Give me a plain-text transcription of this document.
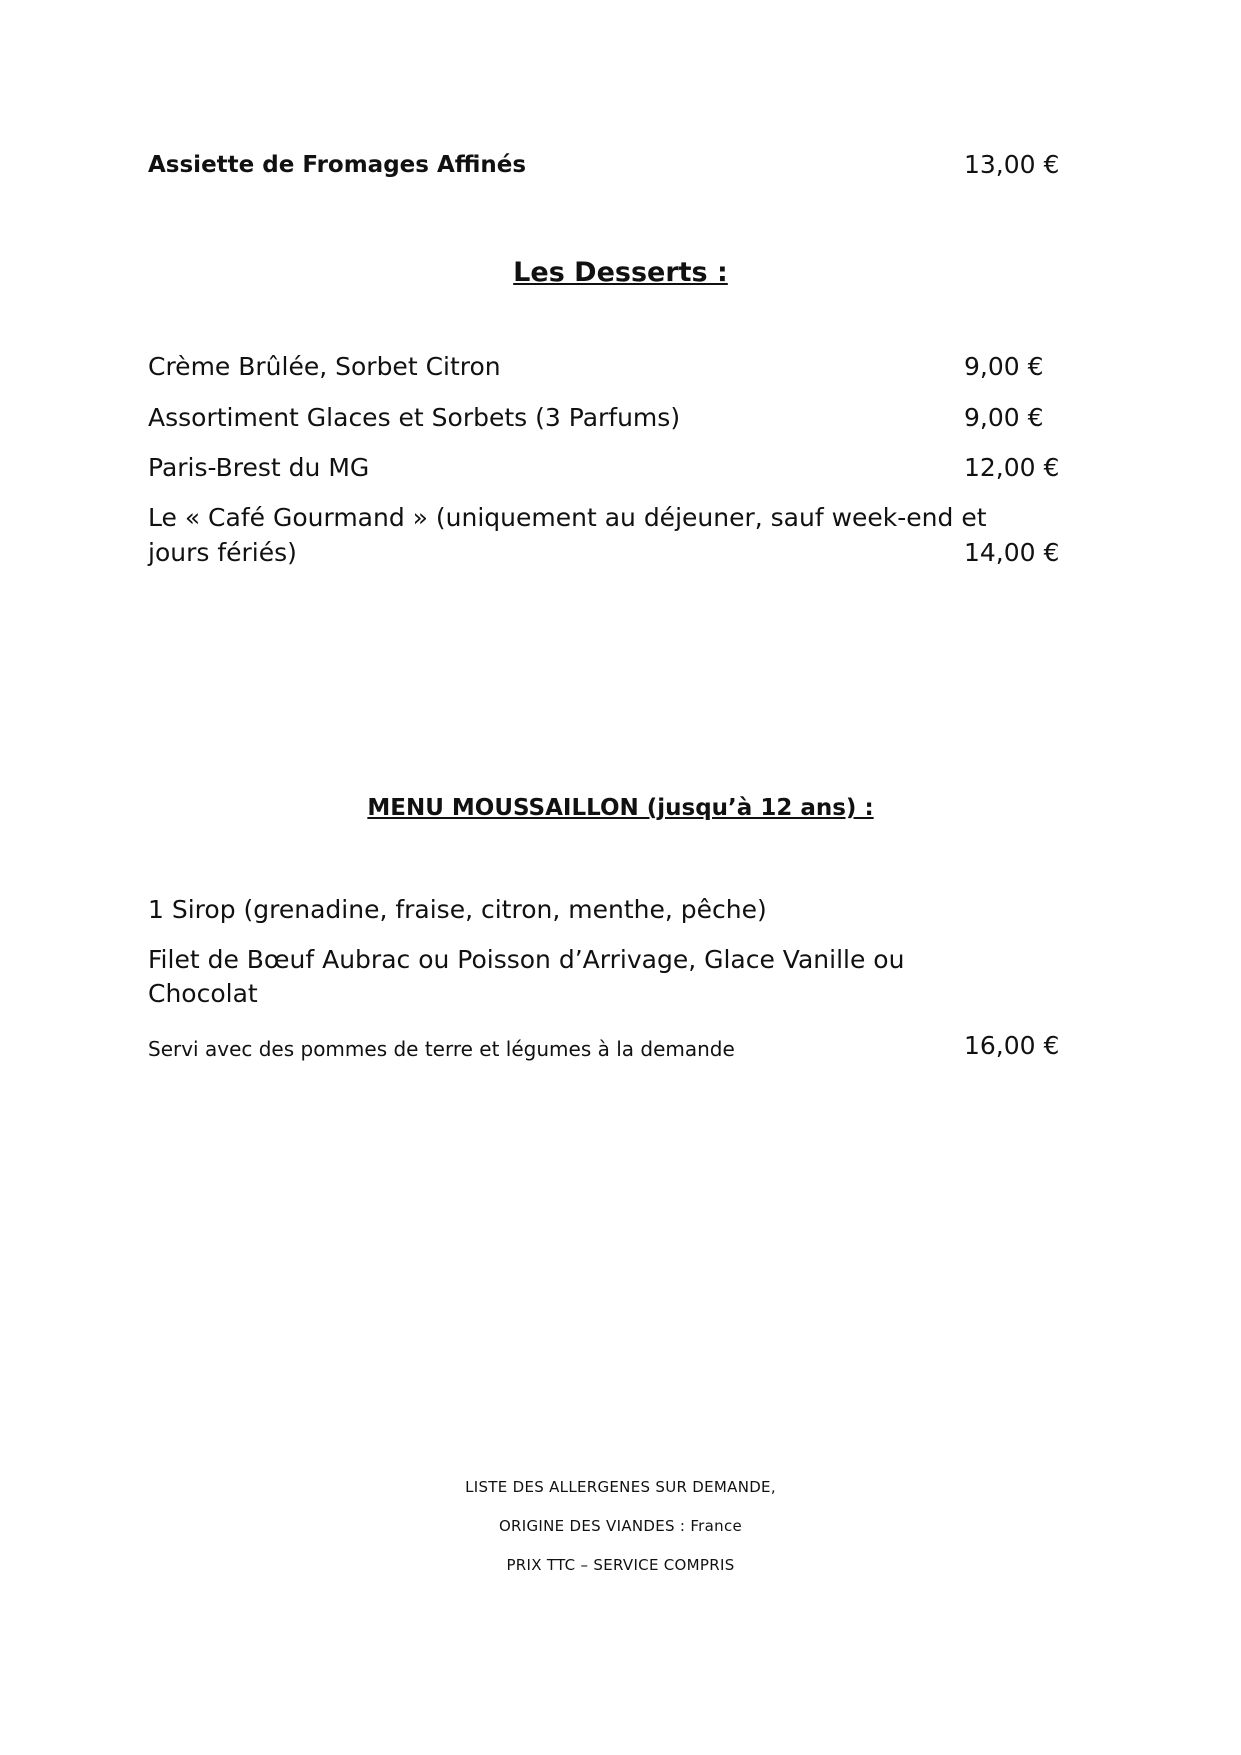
Assiette de Fromages Affinés	13,00 €
Les Desserts :
Crème Brûlée, Sorbet Citron	9,00 €
Assortiment Glaces et Sorbets (3 Parfums)	9,00 €
Paris-Brest du MG	12,00 €
Le « Café Gourmand » (uniquement au déjeuner, sauf week-end et
jours fériés)	14,00 €
MENU MOUSSAILLON (jusqu’à 12 ans) :
1 Sirop (grenadine, fraise, citron, menthe, pêche)
Filet de Bœuf Aubrac ou Poisson d’Arrivage, Glace Vanille ou
Chocolat
Servi avec des pommes de terre et légumes à la demande	16,00 €
LISTE DES ALLERGENES SUR DEMANDE,
ORIGINE DES VIANDES : France
PRIX TTC – SERVICE COMPRIS
